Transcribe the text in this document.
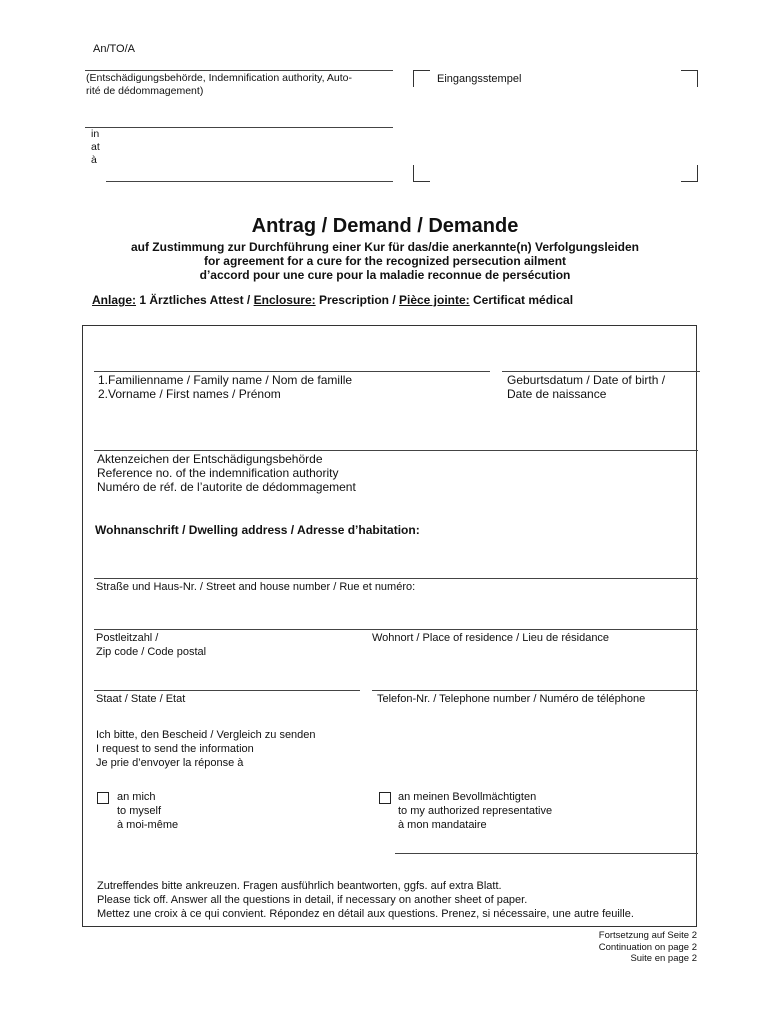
An/TO/A
(Entschädigungsbehörde, Indemnification authority, Auto-
rité de dédommagement)
Eingangsstempel
in
at
à
Antrag / Demand / Demande
auf Zustimmung zur Durchführung einer Kur für das/die anerkannte(n) Verfolgungsleiden
for agreement for a cure for the recognized persecution ailment
d’accord pour une cure pour la maladie reconnue de persécution
Anlage: 1 Ärztliches Attest / Enclosure: Prescription / Pièce jointe: Certificat médical
1.Familienname / Family name / Nom de famille
2.Vorname / First names / Prénom
Geburtsdatum / Date of birth /
Date de naissance
Aktenzeichen der Entschädigungsbehörde
Reference no. of the indemnification authority
Numéro de réf. de l’autorite de dédommagement
Wohnanschrift / Dwelling address / Adresse d’habitation:
Straße und Haus-Nr. / Street and house number / Rue et numéro:
Postleitzahl /
Zip code / Code postal
Wohnort / Place of residence / Lieu de résidance
Staat / State / Etat	Telefon-Nr. / Telephone number / Numéro de téléphone
Ich bitte, den Bescheid / Vergleich zu senden
I request to send the information
Je prie d’envoyer la réponse à
an mich
to myself
à moi-même
an meinen Bevollmächtigten
to my authorized representative
à mon mandataire
Zutreffendes bitte ankreuzen. Fragen ausführlich beantworten, ggfs. auf extra Blatt.
Please tick off. Answer all the questions in detail, if necessary on another sheet of paper.
Mettez une croix à ce qui convient. Répondez en détail aux questions. Prenez, si nécessaire, une autre feuille.
Fortsetzung auf Seite 2
Continuation on page 2
Suite en page 2
